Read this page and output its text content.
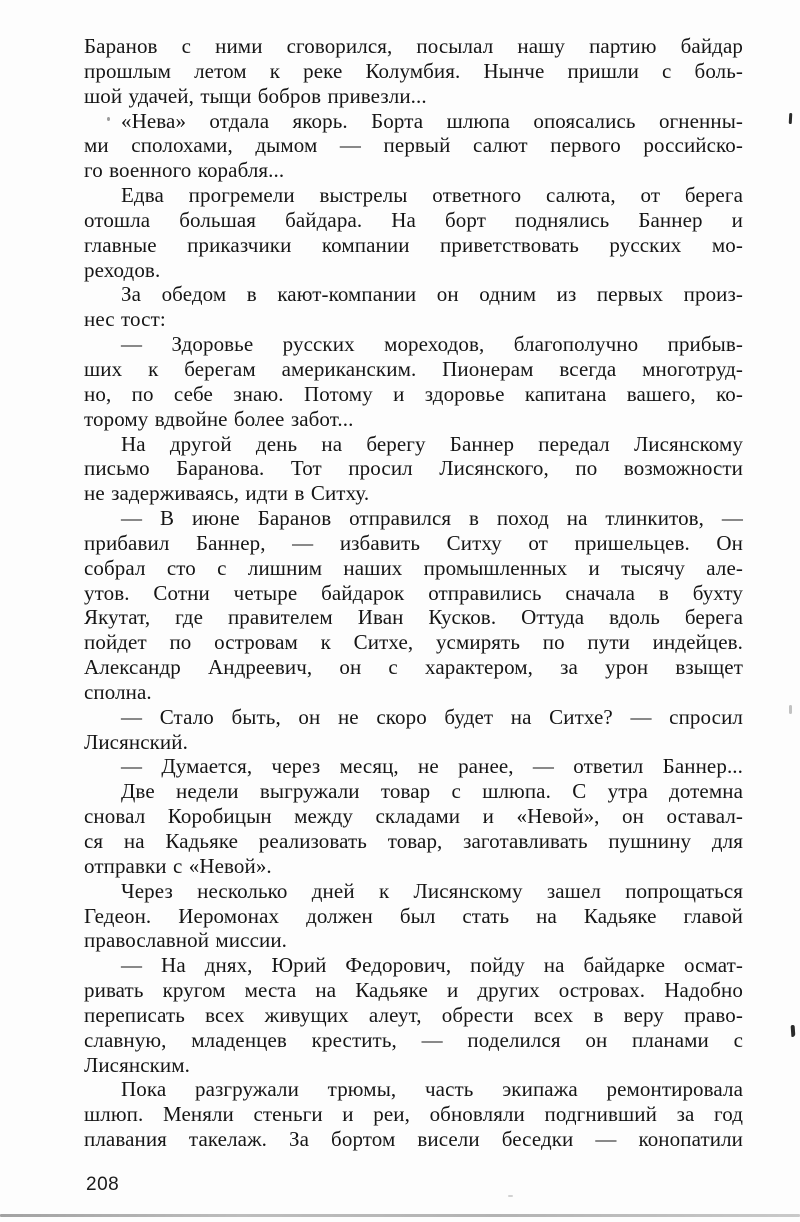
Баранов с ними сговорился, посылал нашу партию байдар
прошлым летом к реке Колумбия. Нынче пришли с боль-
шой удачей, тыщи бобров привезли...
«Нева» отдала якорь. Борта шлюпа опоясались огненны-
ми сполохами, дымом — первый салют первого российско-
го военного корабля...
Едва прогремели выстрелы ответного салюта, от берега
отошла большая байдара. На борт поднялись Баннер и
главные приказчики компании приветствовать русских мо-
реходов.
За обедом в кают-компании он одним из первых произ-
нес тост:
— Здоровье русских мореходов, благополучно прибыв-
ших к берегам американским. Пионерам всегда многотруд-
но, по себе знаю. Потому и здоровье капитана вашего, ко-
торому вдвойне более забот...
На другой день на берегу Баннер передал Лисянскому
письмо Баранова. Тот просил Лисянского, по возможности
не задерживаясь, идти в Ситху.
— В июне Баранов отправился в поход на тлинкитов, —
прибавил Баннер, — избавить Ситху от пришельцев. Он
собрал сто с лишним наших промышленных и тысячу але-
утов. Сотни четыре байдарок отправились сначала в бухту
Якутат, где правителем Иван Кусков. Оттуда вдоль берега
пойдет по островам к Ситхе, усмирять по пути индейцев.
Александр Андреевич, он с характером, за урон взыщет
сполна.
— Стало быть, он не скоро будет на Ситхе? — спросил
Лисянский.
— Думается, через месяц, не ранее, — ответил Баннер...
Две недели выгружали товар с шлюпа. С утра дотемна
сновал Коробицын между складами и «Невой», он оставал-
ся на Кадьяке реализовать товар, заготавливать пушнину для
отправки с «Невой».
Через несколько дней к Лисянскому зашел попрощаться
Гедеон. Иеромонах должен был стать на Кадьяке главой
православной миссии.
— На днях, Юрий Федорович, пойду на байдарке осмат-
ривать кругом места на Кадьяке и других островах. Надобно
переписать всех живущих алеут, обрести всех в веру право-
славную, младенцев крестить, — поделился он планами с
Лисянским.
Пока разгружали трюмы, часть экипажа ремонтировала
шлюп. Меняли стеньги и реи, обновляли подгнивший за год
плавания такелаж. За бортом висели беседки — конопатили
208
